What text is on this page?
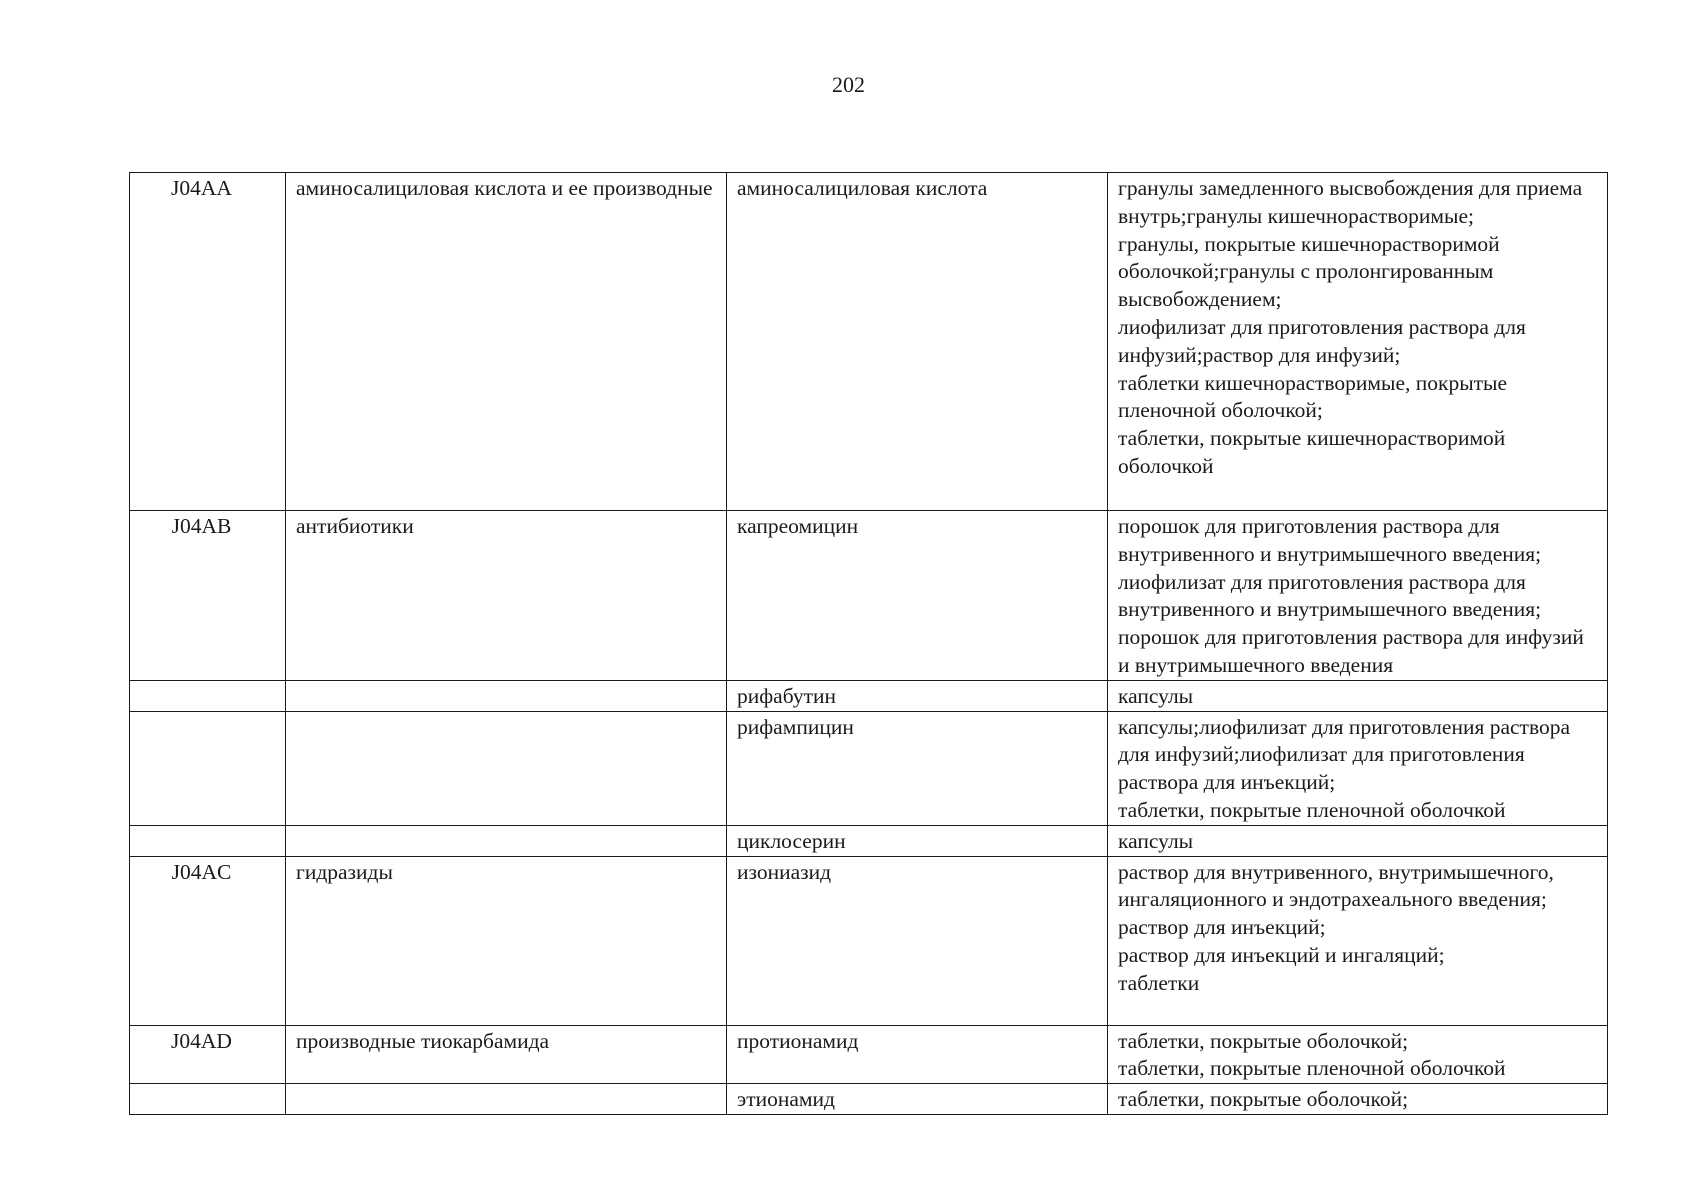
202
J04AA	аминосалициловая кислота и ее производные	аминосалициловая кислота	гранулы замедленного высвобождения для приема внутрь;гранулы кишечнорастворимые;
гранулы, покрытые кишечнорастворимой оболочкой;гранулы с пролонгированным высвобождением;
лиофилизат для приготовления раствора для инфузий;раствор для инфузий;
таблетки кишечнорастворимые, покрытые пленочной оболочкой;
таблетки, покрытые кишечнорастворимой оболочкой
J04AB	антибиотики	капреомицин	порошок для приготовления раствора для внутривенного и внутримышечного введения;
лиофилизат для приготовления раствора для внутривенного и внутримышечного введения;
порошок для приготовления раствора для инфузий и внутримышечного введения
		рифабутин	капсулы
		рифампицин	капсулы;лиофилизат для приготовления раствора для инфузий;лиофилизат для приготовления раствора для инъекций;
таблетки, покрытые пленочной оболочкой
		циклосерин	капсулы
J04AC	гидразиды	изониазид	раствор для внутривенного, внутримышечного, ингаляционного и эндотрахеального введения;
раствор для инъекций;
раствор для инъекций и ингаляций;
таблетки
J04AD	производные тиокарбамида	протионамид	таблетки, покрытые оболочкой;
таблетки, покрытые пленочной оболочкой
		этионамид	таблетки, покрытые оболочкой;
